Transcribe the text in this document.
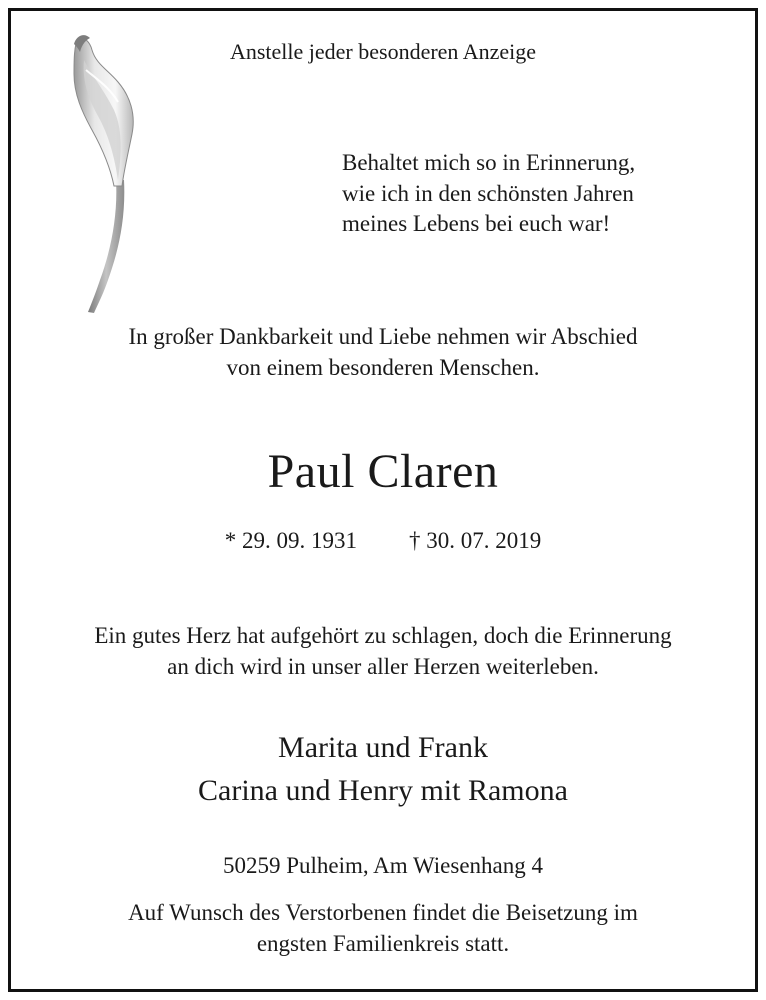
Anstelle jeder besonderen Anzeige
Behaltet mich so in Erinnerung,
wie ich in den schönsten Jahren
meines Lebens bei euch war!
In großer Dankbarkeit und Liebe nehmen wir Abschied
von einem besonderen Menschen.
Paul Claren
* 29. 09. 1931 † 30. 07. 2019
Ein gutes Herz hat aufgehört zu schlagen, doch die Erinnerung
an dich wird in unser aller Herzen weiterleben.
Marita und Frank
Carina und Henry mit Ramona
50259 Pulheim, Am Wiesenhang 4
Auf Wunsch des Verstorbenen findet die Beisetzung im
engsten Familienkreis statt.
